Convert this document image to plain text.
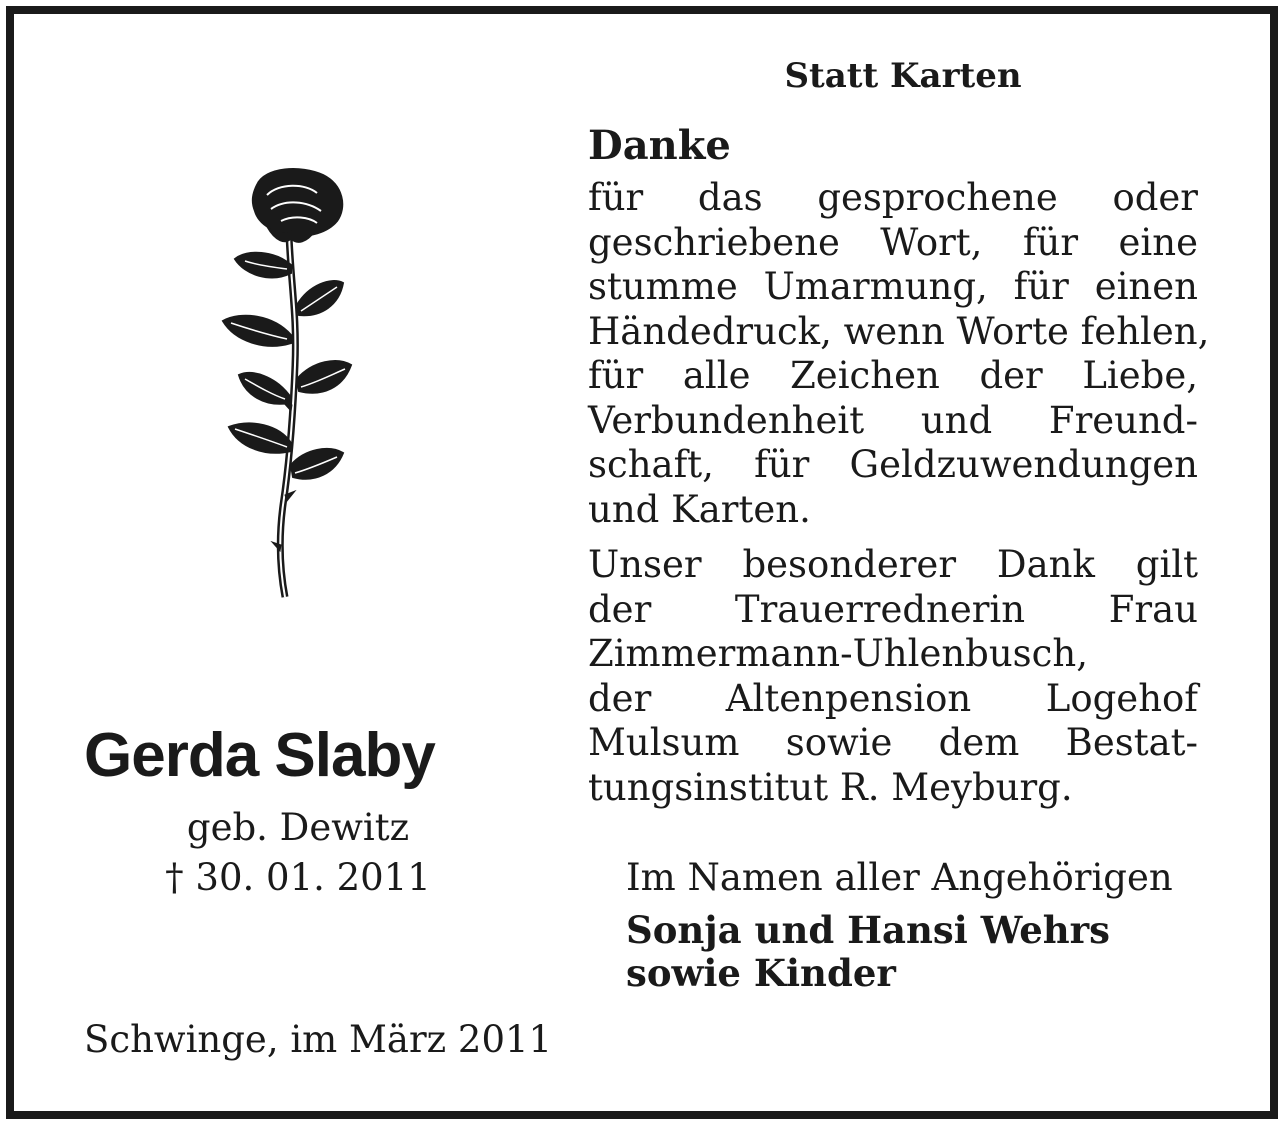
Statt Karten
Danke
für das gesprochene oder
geschriebene Wort, für eine
stumme Umarmung, für einen
Händedruck, wenn Worte fehlen,
für alle Zeichen der Liebe,
Verbundenheit und Freund-
schaft, für Geldzuwendungen
und Karten.
Unser besonderer Dank gilt
der Trauerrednerin Frau
Zimmermann-Uhlenbusch,
der Altenpension Logehof
Mulsum sowie dem Bestat-
tungsinstitut R. Meyburg.
Gerda Slaby
geb. Dewitz
† 30. 01. 2011
Schwinge, im März 2011
Im Namen aller Angehörigen
Sonja und Hansi Wehrs
sowie Kinder
